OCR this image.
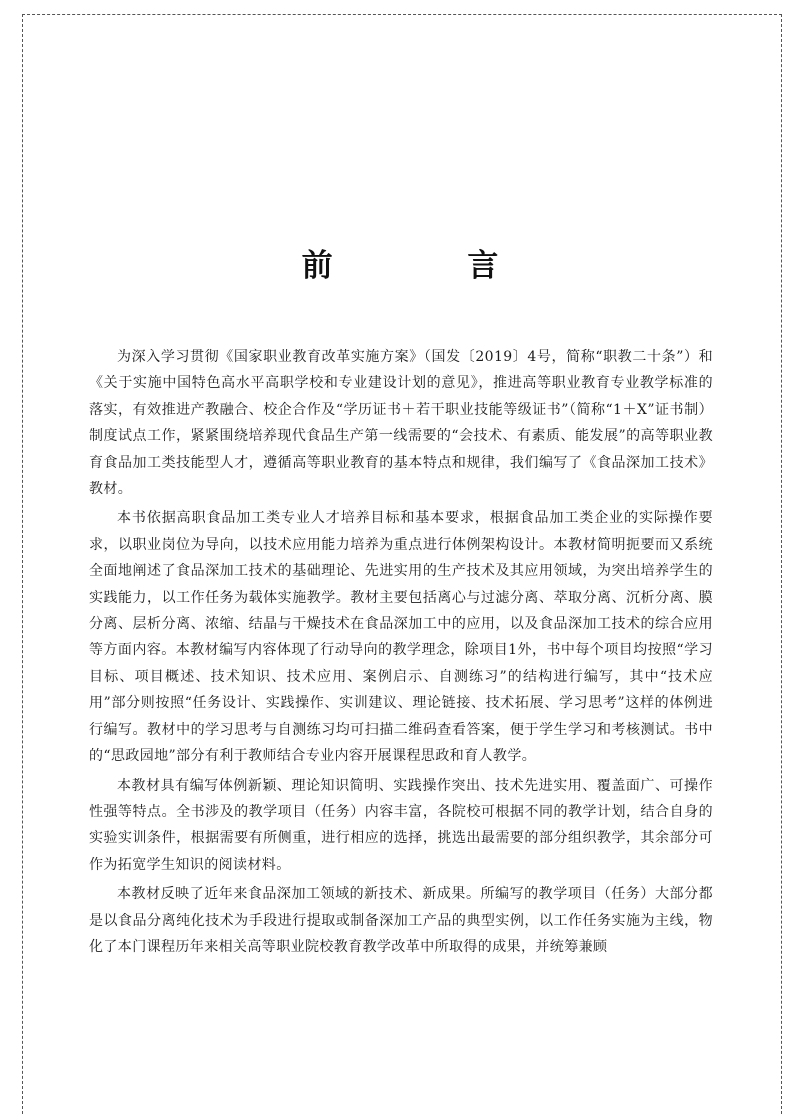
前 言

为深入学习贯彻《国家职业教育改革实施方案》（国发〔2019〕4号，简称“职教二十条”）和《关于实施中国特色高水平高职学校和专业建设计划的意见》，推进高等职业教育专业教学标准的落实，有效推进产教融合、校企合作及“学历证书＋若干职业技能等级证书”（简称“1＋X”证书制）制度试点工作，紧紧围绕培养现代食品生产第一线需要的“会技术、有素质、能发展”的高等职业教育食品加工类技能型人才，遵循高等职业教育的基本特点和规律，我们编写了《食品深加工技术》教材。

本书依据高职食品加工类专业人才培养目标和基本要求，根据食品加工类企业的实际操作要求，以职业岗位为导向，以技术应用能力培养为重点进行体例架构设计。本教材简明扼要而又系统全面地阐述了食品深加工技术的基础理论、先进实用的生产技术及其应用领域，为突出培养学生的实践能力，以工作任务为载体实施教学。教材主要包括离心与过滤分离、萃取分离、沉析分离、膜分离、层析分离、浓缩、结晶与干燥技术在食品深加工中的应用，以及食品深加工技术的综合应用等方面内容。本教材编写内容体现了行动导向的教学理念，除项目1外，书中每个项目均按照“学习目标、项目概述、技术知识、技术应用、案例启示、自测练习”的结构进行编写，其中“技术应用”部分则按照“任务设计、实践操作、实训建议、理论链接、技术拓展、学习思考”这样的体例进行编写。教材中的学习思考与自测练习均可扫描二维码查看答案，便于学生学习和考核测试。书中的“思政园地”部分有利于教师结合专业内容开展课程思政和育人教学。

本教材具有编写体例新颖、理论知识简明、实践操作突出、技术先进实用、覆盖面广、可操作性强等特点。全书涉及的教学项目（任务）内容丰富，各院校可根据不同的教学计划，结合自身的实验实训条件，根据需要有所侧重，进行相应的选择，挑选出最需要的部分组织教学，其余部分可作为拓宽学生知识的阅读材料。

本教材反映了近年来食品深加工领域的新技术、新成果。所编写的教学项目（任务）大部分都是以食品分离纯化技术为手段进行提取或制备深加工产品的典型实例，以工作任务实施为主线，物化了本门课程历年来相关高等职业院校教育教学改革中所取得的成果，并统筹兼顾
